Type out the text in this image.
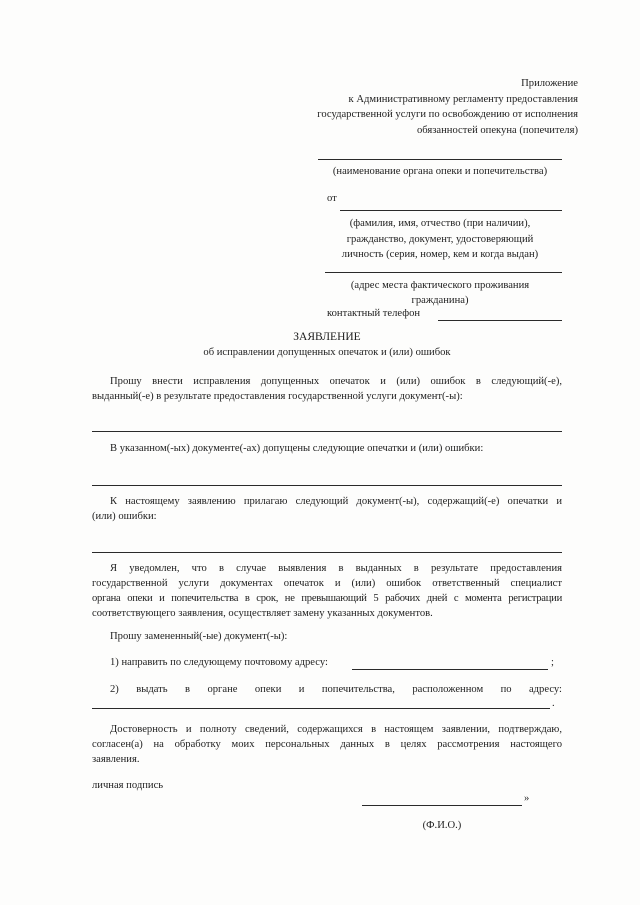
Приложение
к Административному регламенту предоставления
государственной услуги по освобождению от исполнения
обязанностей опекуна (попечителя)
(наименование органа опеки и попечительства)
от
(фамилия, имя, отчество (при наличии),
гражданство, документ, удостоверяющий
личность (серия, номер, кем и когда выдан)
(адрес места фактического проживания
гражданина)
контактный телефон
ЗАЯВЛЕНИЕ
об исправлении допущенных опечаток и (или) ошибок
Прошу внести исправления допущенных опечаток и (или) ошибок в следующий(-е),
выданный(-е) в результате предоставления государственной услуги документ(-ы):
В указанном(-ых) документе(-ах) допущены следующие опечатки и (или) ошибки:
К настоящему заявлению прилагаю следующий документ(-ы), содержащий(-е) опечатки и
(или) ошибки:
Я уведомлен, что в случае выявления в выданных в результате предоставления
государственной услуги документах опечаток и (или) ошибок ответственный специалист
органа опеки и попечительства в срок, не превышающий 5 рабочих дней с момента регистрации
соответствующего заявления, осуществляет замену указанных документов.
Прошу замененный(-ые) документ(-ы):
1) направить по следующему почтовому адресу:	;
2) выдать в органе опеки и попечительства, расположенном по адресу:
.
Достоверность и полноту сведений, содержащихся в настоящем заявлении, подтверждаю,
согласен(а) на обработку моих персональных данных в целях рассмотрения настоящего
заявления.
личная подпись
»
(Ф.И.О.)
